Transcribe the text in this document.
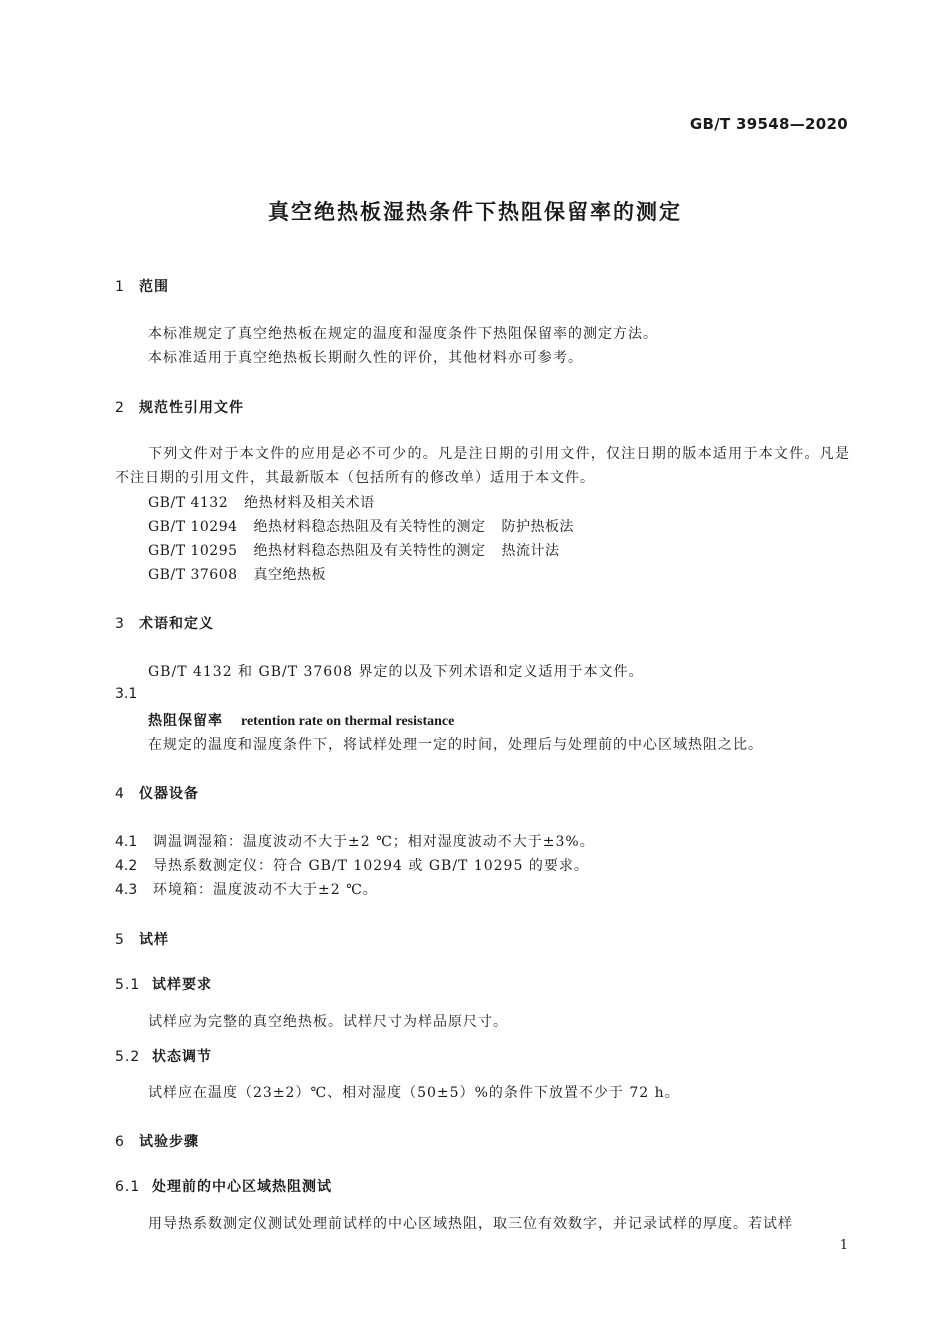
GB/T 39548—2020
真空绝热板湿热条件下热阻保留率的测定
1 范围
本标准规定了真空绝热板在规定的温度和湿度条件下热阻保留率的测定方法。
本标准适用于真空绝热板长期耐久性的评价，其他材料亦可参考。
2 规范性引用文件
下列文件对于本文件的应用是必不可少的。凡是注日期的引用文件，仅注日期的版本适用于本文件。凡是不注日期的引用文件，其最新版本（包括所有的修改单）适用于本文件。
GB/T 4132 绝热材料及相关术语
GB/T 10294 绝热材料稳态热阻及有关特性的测定 防护热板法
GB/T 10295 绝热材料稳态热阻及有关特性的测定 热流计法
GB/T 37608 真空绝热板
3 术语和定义
GB/T 4132 和 GB/T 37608 界定的以及下列术语和定义适用于本文件。
3.1
热阻保留率 retention rate on thermal resistance
在规定的温度和湿度条件下，将试样处理一定的时间，处理后与处理前的中心区域热阻之比。
4 仪器设备
4.1 调温调湿箱：温度波动不大于±2 ℃；相对湿度波动不大于±3%。
4.2 导热系数测定仪：符合 GB/T 10294 或 GB/T 10295 的要求。
4.3 环境箱：温度波动不大于±2 ℃。
5 试样
5.1 试样要求
试样应为完整的真空绝热板。试样尺寸为样品原尺寸。
5.2 状态调节
试样应在温度（23±2）℃、相对湿度（50±5）%的条件下放置不少于 72 h。
6 试验步骤
6.1 处理前的中心区域热阻测试
用导热系数测定仪测试处理前试样的中心区域热阻，取三位有效数字，并记录试样的厚度。若试样
1
